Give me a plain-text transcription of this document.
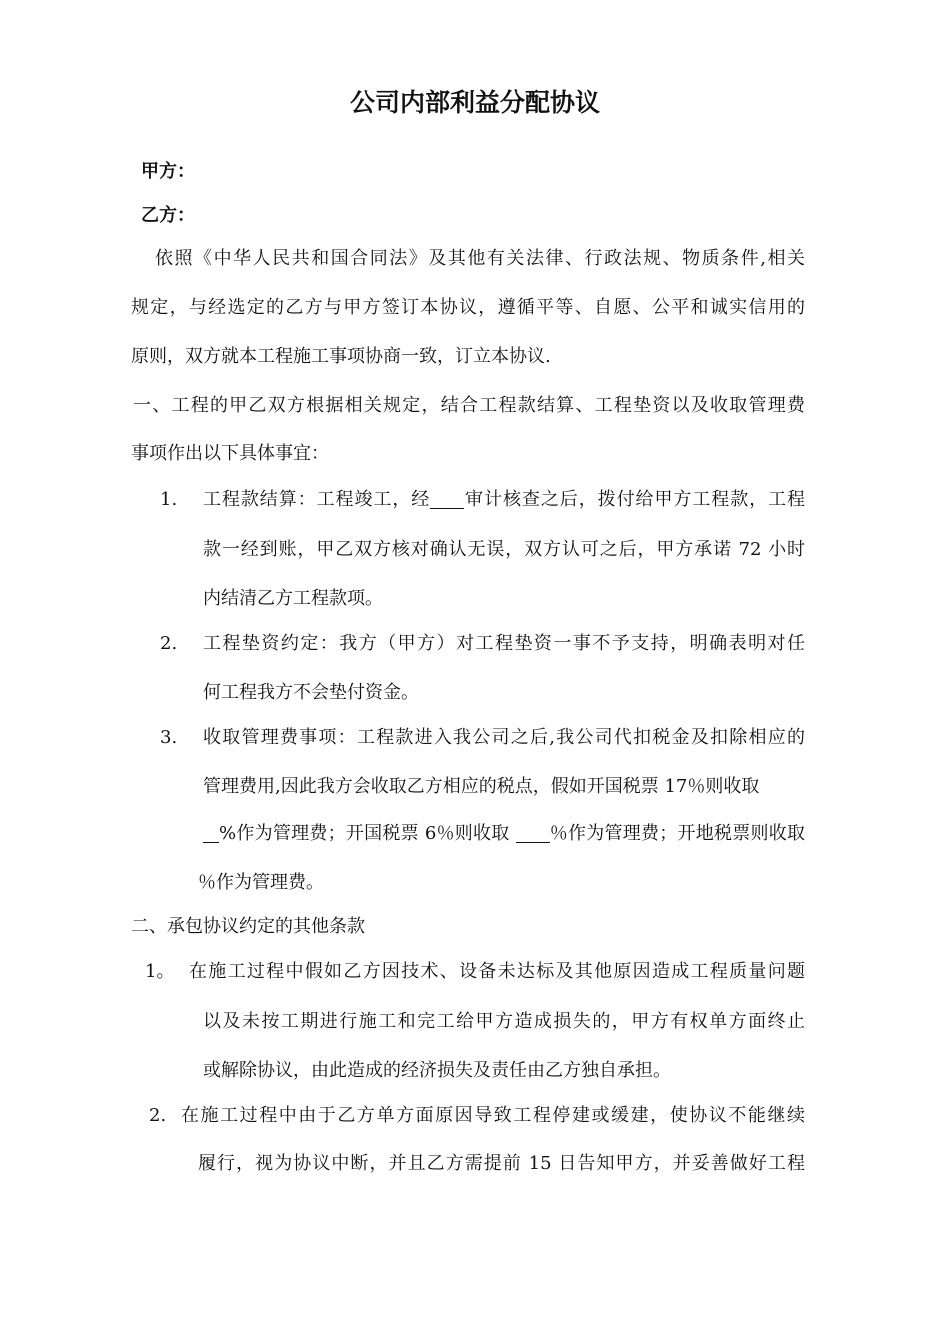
公司内部利益分配协议
甲方：
乙方：
依照《中华人民共和国合同法》及其他有关法律、行政法规、物质条件,相关
规定，与经选定的乙方与甲方签订本协议，遵循平等、自愿、公平和诚实信用的
原则，双方就本工程施工事项协商一致，订立本协议.
一、工程的甲乙双方根据相关规定，结合工程款结算、工程垫资以及收取管理费
事项作出以下具体事宜：
1. 工程款结算：工程竣工，经 审计核查之后，拨付给甲方工程款，工程
款一经到账，甲乙双方核对确认无误，双方认可之后，甲方承诺 72 小时
内结清乙方工程款项。
2. 工程垫资约定：我方（甲方）对工程垫资一事不予支持，明确表明对任
何工程我方不会垫付资金。
3. 收取管理费事项：工程款进入我公司之后,我公司代扣税金及扣除相应的
管理费用,因此我方会收取乙方相应的税点，假如开国税票 17％则收取
%作为管理费；开国税票 6％则收取 ％作为管理费；开地税票则收取
％作为管理费。
二、承包协议约定的其他条款
1。 在施工过程中假如乙方因技术、设备未达标及其他原因造成工程质量问题
以及未按工期进行施工和完工给甲方造成损失的，甲方有权单方面终止
或解除协议，由此造成的经济损失及责任由乙方独自承担。
2. 在施工过程中由于乙方单方面原因导致工程停建或缓建，使协议不能继续
履行，视为协议中断，并且乙方需提前 15 日告知甲方，并妥善做好工程
